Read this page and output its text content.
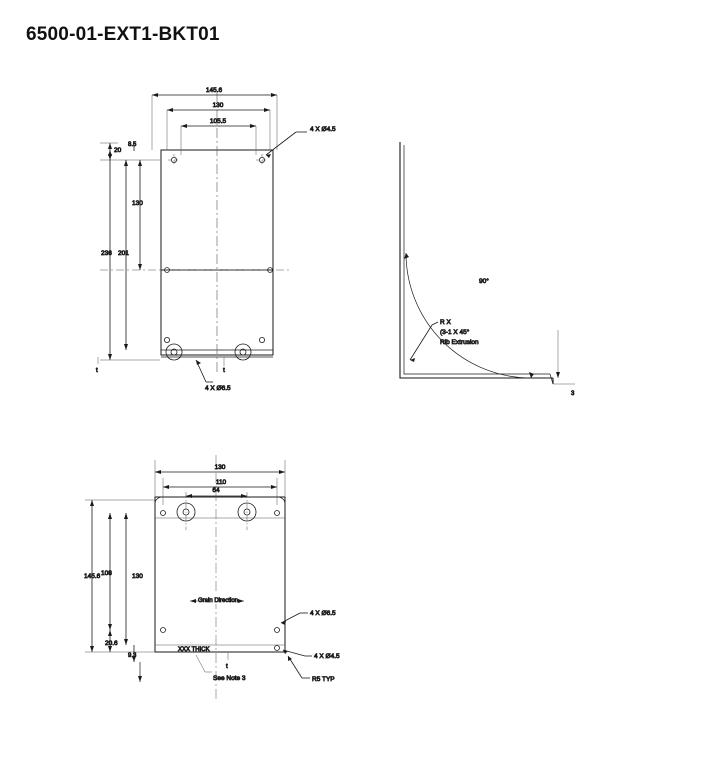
6500-01-EXT1-BKT01
145.6
130
105.5
4 X Ø4.5
4 X Ø6.5
t
20
8.5
130
201
236
t
90°
R X
(3-1 X 45°
Rib Extrusion
3
Grain Direction
130
110
64
108	130
145.6
20.6
9.3
XXX THICK
See Note 3
t
4 X Ø6.5
4 X Ø4.5
R5 TYP
